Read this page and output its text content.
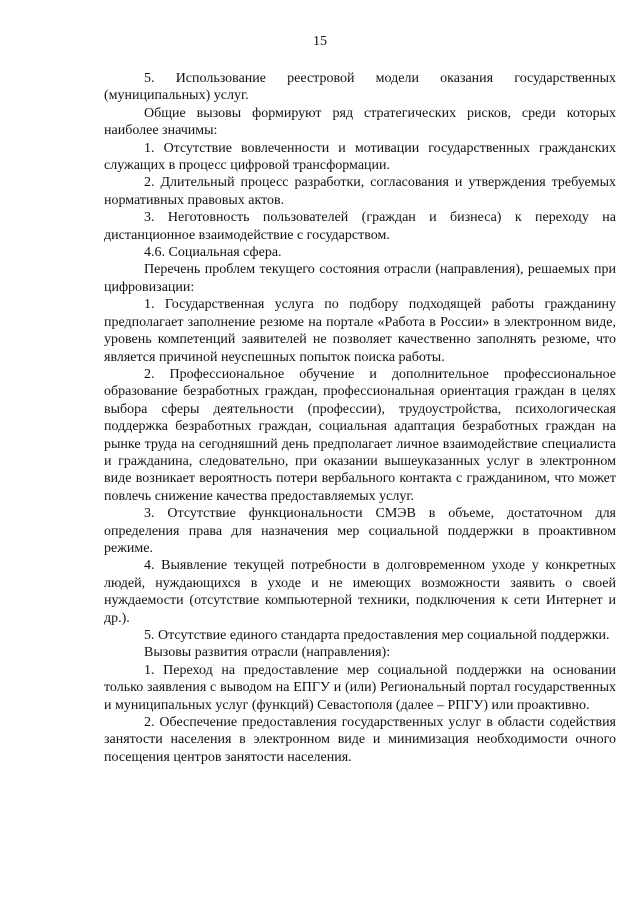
15

5. Использование реестровой модели оказания государственных (муниципальных) услуг.

Общие вызовы формируют ряд стратегических рисков, среди которых наиболее значимы:

1. Отсутствие вовлеченности и мотивации государственных гражданских служащих в процесс цифровой трансформации.

2. Длительный процесс разработки, согласования и утверждения требуемых нормативных правовых актов.

3. Неготовность пользователей (граждан и бизнеса) к переходу на дистанционное взаимодействие с государством.

4.6. Социальная сфера.

Перечень проблем текущего состояния отрасли (направления), решаемых при цифровизации:

1. Государственная услуга по подбору подходящей работы гражданину предполагает заполнение резюме на портале «Работа в России» в электронном виде, уровень компетенций заявителей не позволяет качественно заполнять резюме, что является причиной неуспешных попыток поиска работы.

2. Профессиональное обучение и дополнительное профессиональное образование безработных граждан, профессиональная ориентация граждан в целях выбора сферы деятельности (профессии), трудоустройства, психологическая поддержка безработных граждан, социальная адаптация безработных граждан на рынке труда на сегодняшний день предполагает личное взаимодействие специалиста и гражданина, следовательно, при оказании вышеуказанных услуг в электронном виде возникает вероятность потери вербального контакта с гражданином, что может повлечь снижение качества предоставляемых услуг.

3. Отсутствие функциональности СМЭВ в объеме, достаточном для определения права для назначения мер социальной поддержки в проактивном режиме.

4. Выявление текущей потребности в долговременном уходе у конкретных людей, нуждающихся в уходе и не имеющих возможности заявить о своей нуждаемости (отсутствие компьютерной техники, подключения к сети Интернет и др.).

5. Отсутствие единого стандарта предоставления мер социальной поддержки.

Вызовы развития отрасли (направления):

1. Переход на предоставление мер социальной поддержки на основании только заявления с выводом на ЕПГУ и (или) Региональный портал государственных и муниципальных услуг (функций) Севастополя (далее – РПГУ) или проактивно.

2. Обеспечение предоставления государственных услуг в области содействия занятости населения в электронном виде и минимизация необходимости очного посещения центров занятости населения.
